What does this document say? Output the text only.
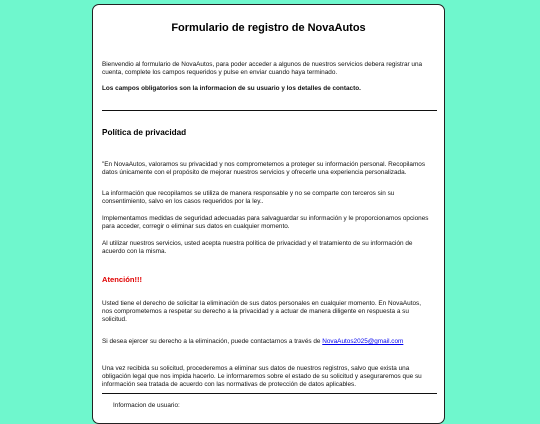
Formulario de registro de NovaAutos
Bienvendio al formulario de NovaAutos, para poder acceder a algunos de nuestros servicios debera registrar una cuenta, complete los campos requeridos y pulse en enviar cuando haya terminado.
Los campos obligatorios son la informacion de su usuario y los detalles de contacto.
Política de privacidad
"En NovaAutos, valoramos su privacidad y nos comprometemos a proteger su información personal. Recopilamos datos únicamente con el propósito de mejorar nuestros servicios y ofrecerle una experiencia personalizada.
La información que recopilamos se utiliza de manera responsable y no se comparte con terceros sin su consentimiento, salvo en los casos requeridos por la ley..
Implementamos medidas de seguridad adecuadas para salvaguardar su información y le proporcionamos opciones para acceder, corregir o eliminar sus datos en cualquier momento.
Al utilizar nuestros servicios, usted acepta nuestra política de privacidad y el tratamiento de su información de acuerdo con la misma.
Atención!!!
Usted tiene el derecho de solicitar la eliminación de sus datos personales en cualquier momento. En NovaAutos, nos comprometemos a respetar su derecho a la privacidad y a actuar de manera diligente en respuesta a su solicitud.
Si desea ejercer su derecho a la eliminación, puede contactarnos a través de NovaAutos2025@gmail.com
Una vez recibida su solicitud, procederemos a eliminar sus datos de nuestros registros, salvo que exista una obligación legal que nos impida hacerlo. Le informaremos sobre el estado de su solicitud y aseguraremos que su información sea tratada de acuerdo con las normativas de protección de datos aplicables.
Informacion de usuario:
